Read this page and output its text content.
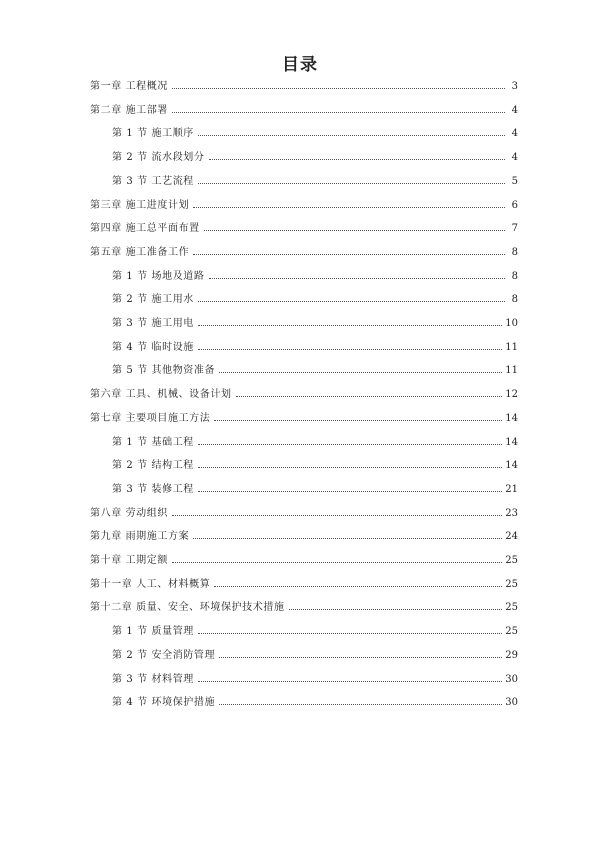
目录
第一章 工程概况	3
第二章 施工部署	4
第 1 节 施工顺序	4
第 2 节 流水段划分	4
第 3 节 工艺流程	5
第三章 施工进度计划	6
第四章 施工总平面布置	7
第五章 施工准备工作	8
第 1 节 场地及道路	8
第 2 节 施工用水	8
第 3 节 施工用电	10
第 4 节 临时设施	11
第 5 节 其他物资准备	11
第六章 工具、机械、设备计划	12
第七章 主要项目施工方法	14
第 1 节 基础工程	14
第 2 节 结构工程	14
第 3 节 装修工程	21
第八章 劳动组织	23
第九章 雨期施工方案	24
第十章 工期定额	25
第十一章 人工、材料概算	25
第十二章 质量、安全、环境保护技术措施	25
第 1 节 质量管理	25
第 2 节 安全消防管理	29
第 3 节 材料管理	30
第 4 节 环境保护措施	30
